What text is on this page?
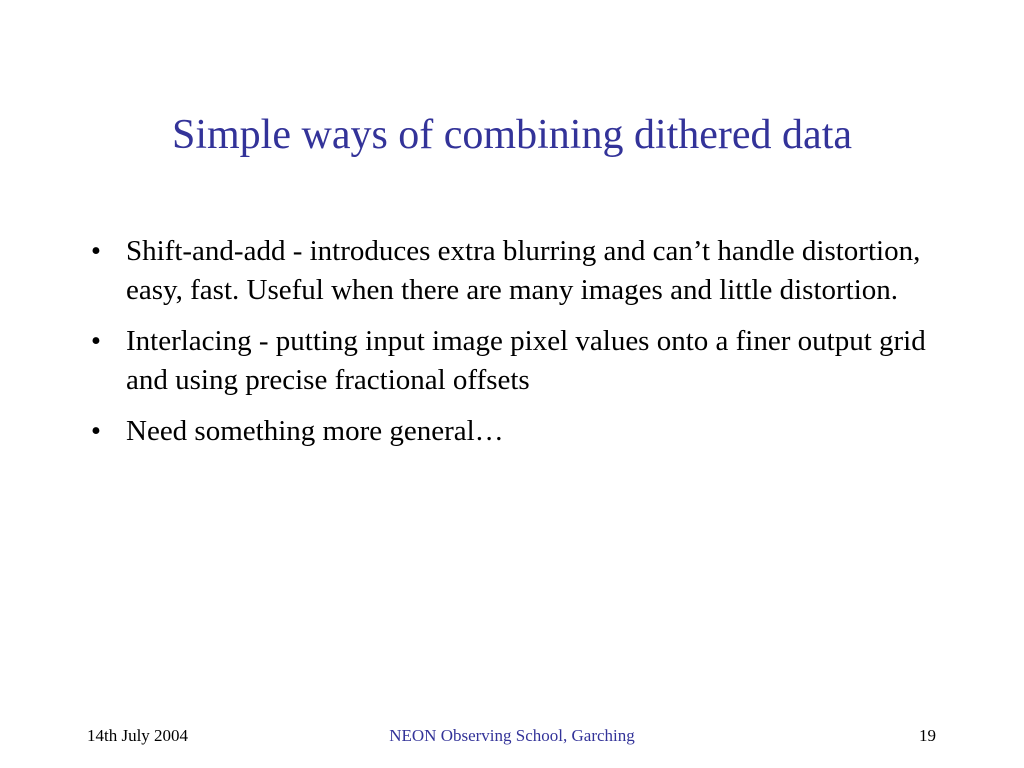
Simple ways of combining dithered data
• Shift-and-add - introduces extra blurring and can’t handle distortion, easy, fast. Useful when there are many images and little distortion.
• Interlacing - putting input image pixel values onto a finer output grid and using precise fractional offsets
• Need something more general…
14th July 2004	NEON Observing School, Garching	19
